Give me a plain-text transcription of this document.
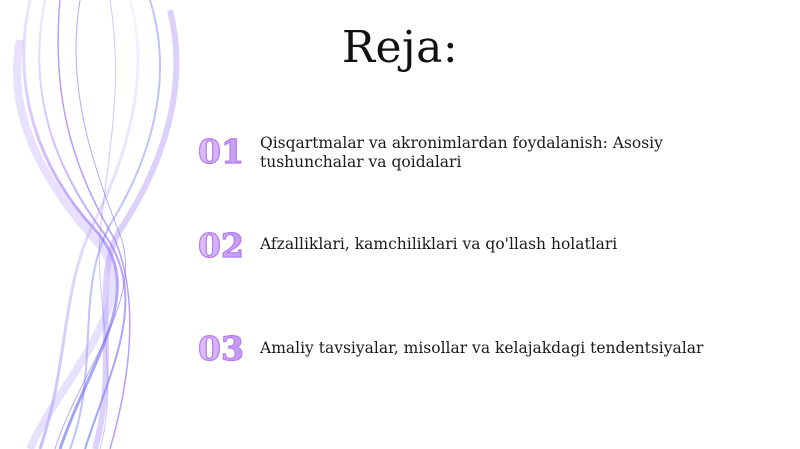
Reja:
01	Qisqartmalar va akronimlardan foydalanish: Asosiy tushunchalar va qoidalari
02	Afzalliklari, kamchiliklari va qo'llash holatlari
03	Amaliy tavsiyalar, misollar va kelajakdagi tendentsiyalar
